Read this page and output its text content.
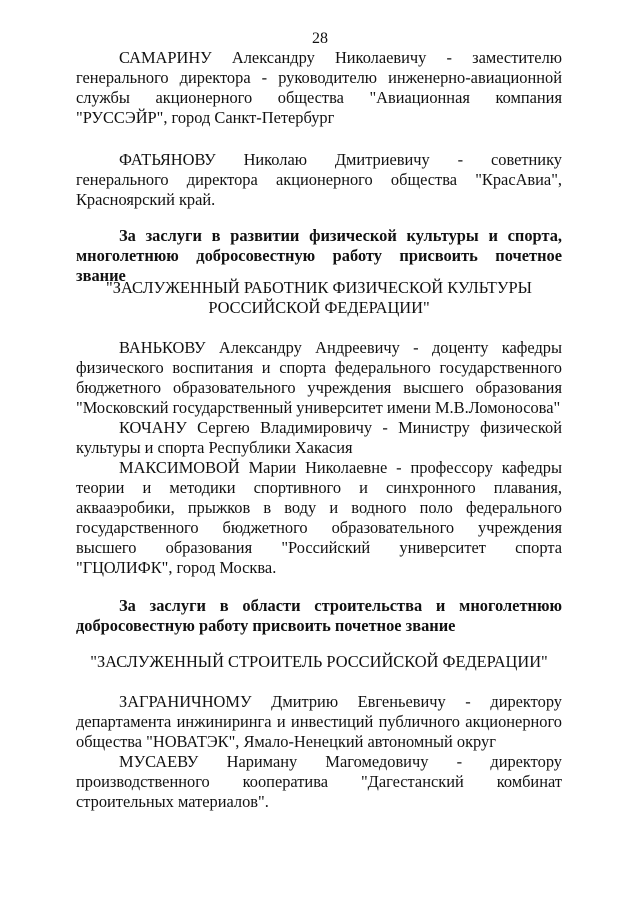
28

САМАРИНУ Александру Николаевичу - заместителю генерального директора - руководителю инженерно-авиационной службы акционерного общества "Авиационная компания "РУССЭЙР", город Санкт-Петербург

ФАТЬЯНОВУ Николаю Дмитриевичу - советнику генерального директора акционерного общества "КрасАвиа", Красноярский край.

За заслуги в развитии физической культуры и спорта, многолетнюю добросовестную работу присвоить почетное звание

"ЗАСЛУЖЕННЫЙ РАБОТНИК ФИЗИЧЕСКОЙ КУЛЬТУРЫ
РОССИЙСКОЙ ФЕДЕРАЦИИ"

ВАНЬКОВУ Александру Андреевичу - доценту кафедры физического воспитания и спорта федерального государственного бюджетного образовательного учреждения высшего образования "Московский государственный университет имени М.В.Ломоносова"

КОЧАНУ Сергею Владимировичу - Министру физической культуры и спорта Республики Хакасия

МАКСИМОВОЙ Марии Николаевне - профессору кафедры теории и методики спортивного и синхронного плавания, аквааэробики, прыжков в воду и водного поло федерального государственного бюджетного образовательного учреждения высшего образования "Российский университет спорта "ГЦОЛИФК", город Москва.

За заслуги в области строительства и многолетнюю добросовестную работу присвоить почетное звание

"ЗАСЛУЖЕННЫЙ СТРОИТЕЛЬ РОССИЙСКОЙ ФЕДЕРАЦИИ"

ЗАГРАНИЧНОМУ Дмитрию Евгеньевичу - директору департамента инжиниринга и инвестиций публичного акционерного общества "НОВАТЭК", Ямало-Ненецкий автономный округ

МУСАЕВУ Нариману Магомедовичу - директору производственного кооператива "Дагестанский комбинат строительных материалов".
